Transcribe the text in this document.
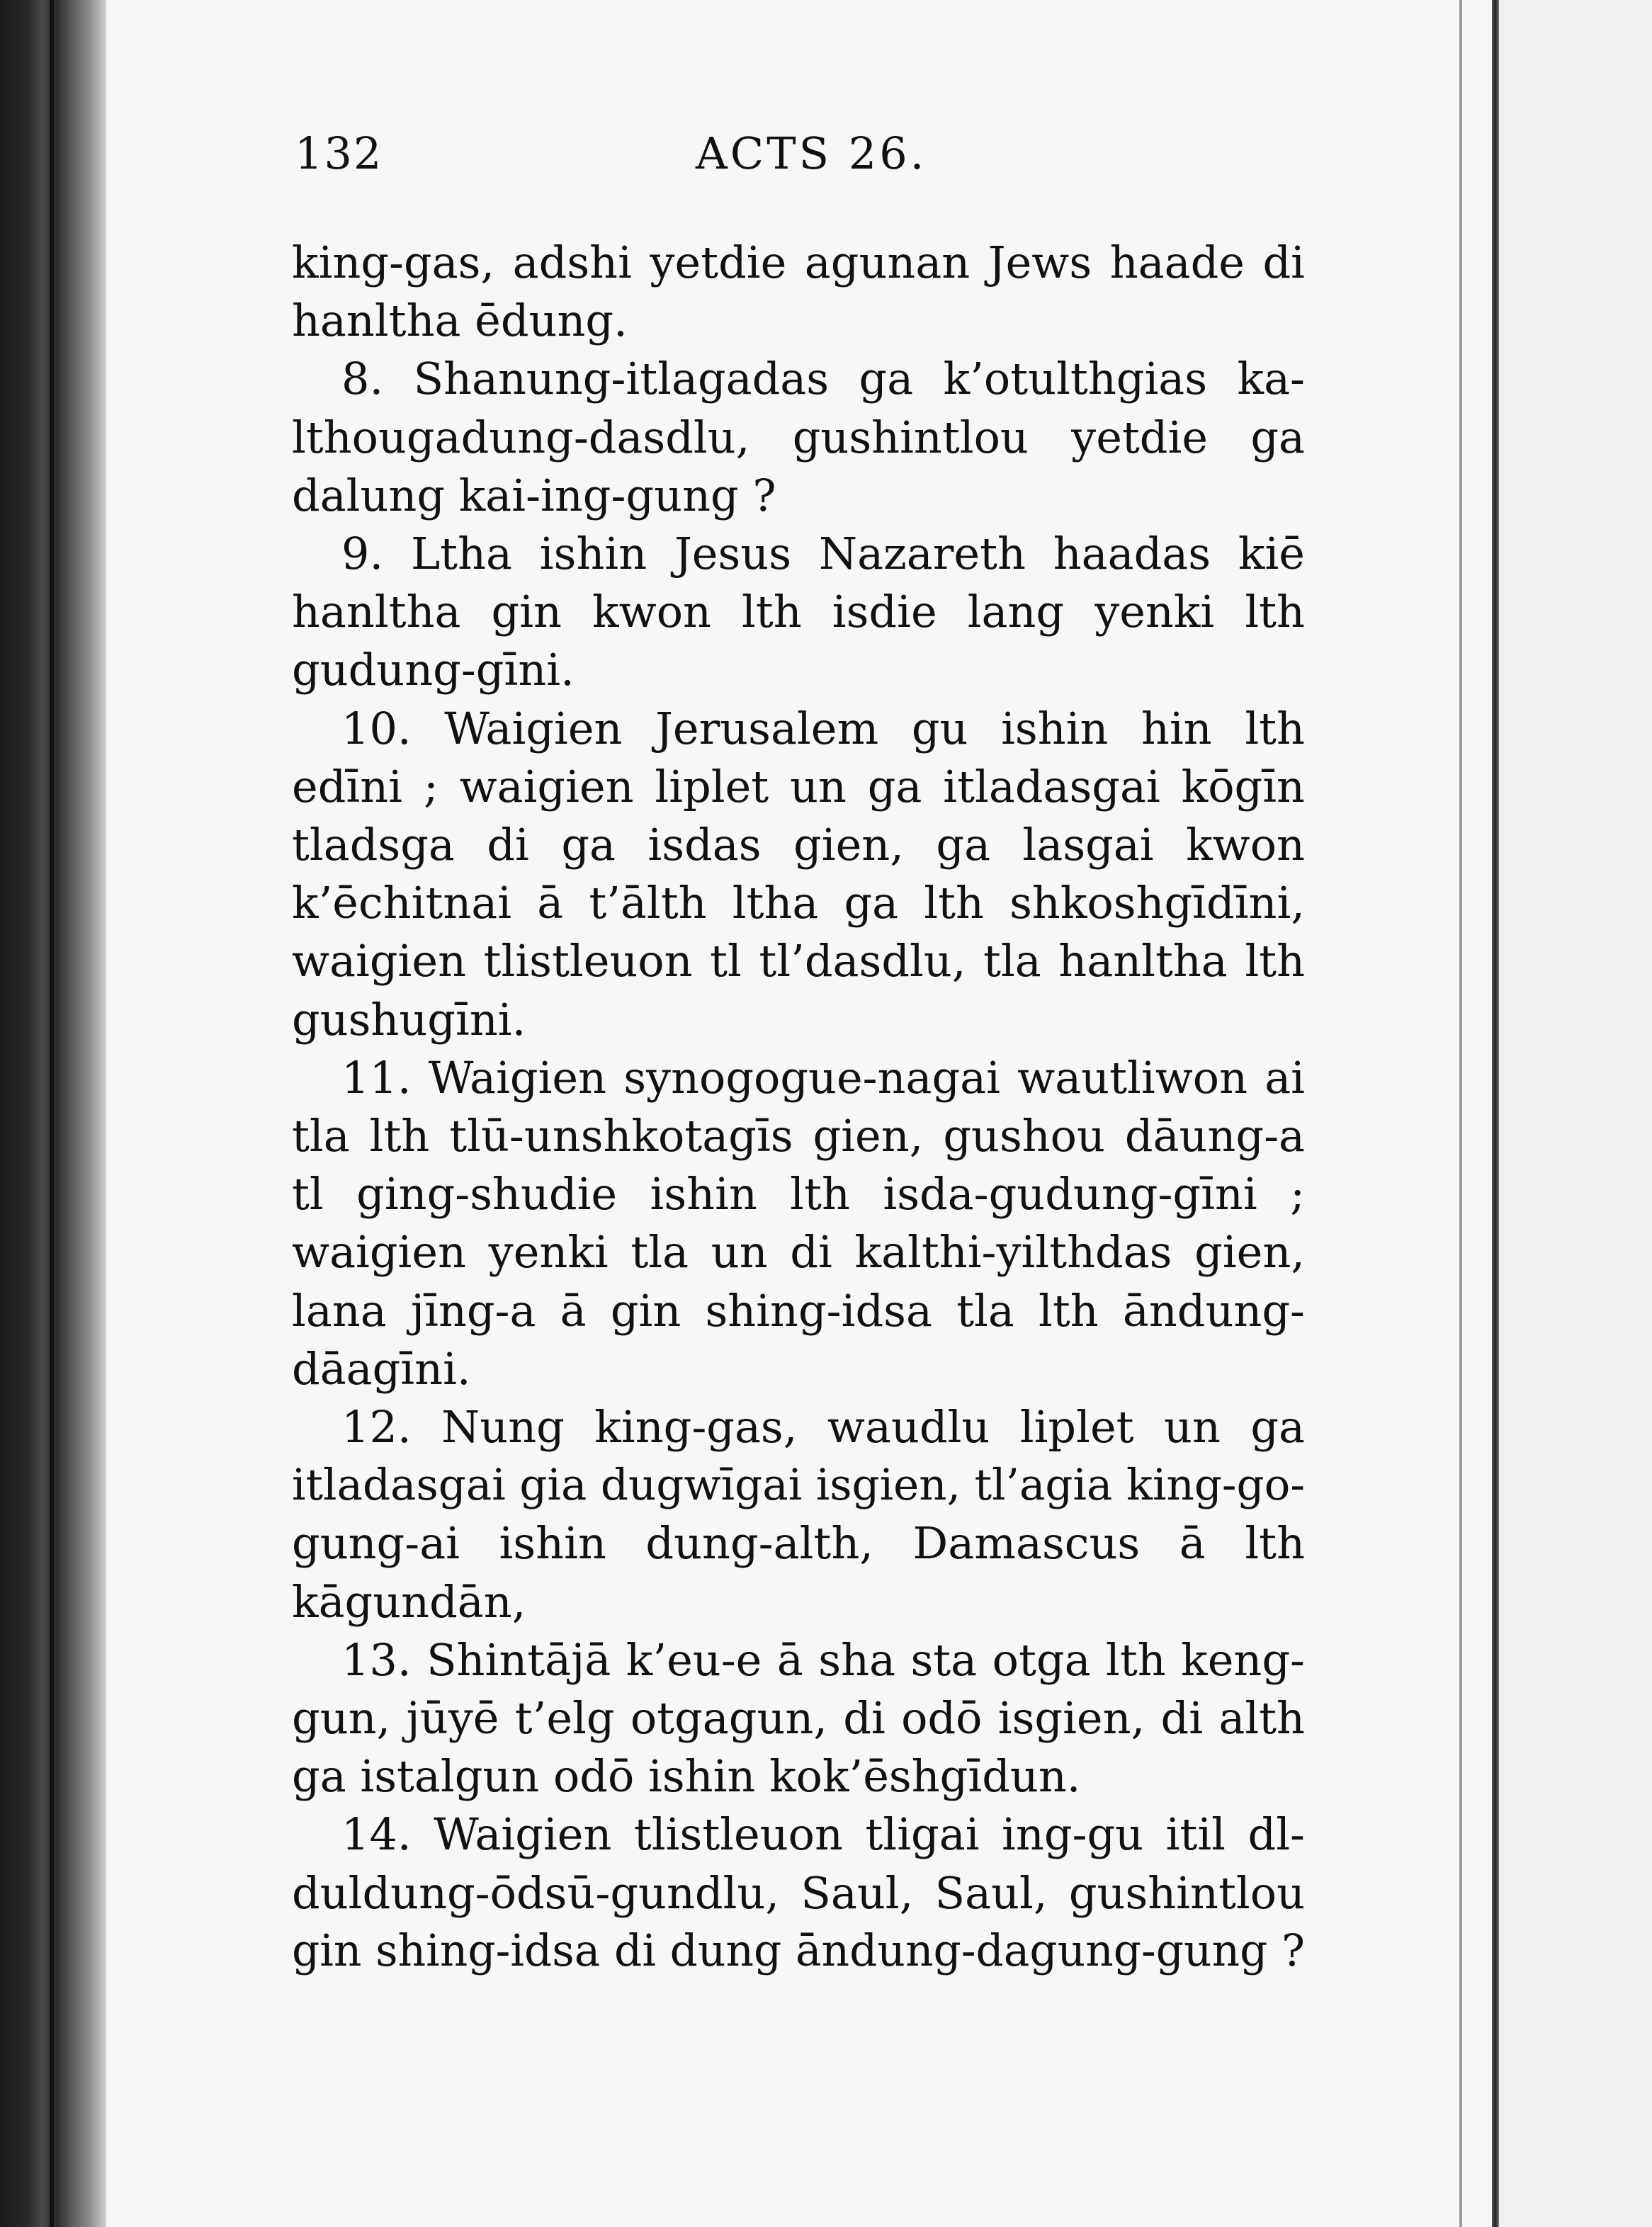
132	ACTS 26.
king-gas, adshi yetdie agunan Jews haade di
hanltha ēdung.
8. Shanung-itlagadas ga k’otulthgias ka-
lthougadung-dasdlu, gushintlou yetdie ga
dalung kai-ing-gung ?
9. Ltha ishin Jesus Nazareth haadas kiē
hanltha gin kwon lth isdie lang yenki lth
gudung-gīni.
10. Waigien Jerusalem gu ishin hin lth
edīni ; waigien liplet un ga itladasgai kōgīn
tladsga di ga isdas gien, ga lasgai kwon
k’ēchitnai ā t’ālth ltha ga lth shkoshgīdīni,
waigien tlistleuon tl tl’dasdlu, tla hanltha lth
gushugīni.
11. Waigien synogogue-nagai wautliwon ai
tla lth tlū-unshkotagīs gien, gushou dāung-a
tl ging-shudie ishin lth isda-gudung-gīni ;
waigien yenki tla un di kalthi-yilthdas gien,
lana jīng-a ā gin shing-idsa tla lth āndung-
dāagīni.
12. Nung king-gas, waudlu liplet un ga
itladasgai gia dugwīgai isgien, tl’agia king-go-
gung-ai ishin dung-alth, Damascus ā lth
kāgundān,
13. Shintājā k’eu-e ā sha sta otga lth keng-
gun, jūyē t’elg otgagun, di odō isgien, di alth
ga istalgun odō ishin kok’ēshgīdun.
14. Waigien tlistleuon tligai ing-gu itil dl-
duldung-ōdsū-gundlu, Saul, Saul, gushintlou
gin shing-idsa di dung āndung-dagung-gung ?
